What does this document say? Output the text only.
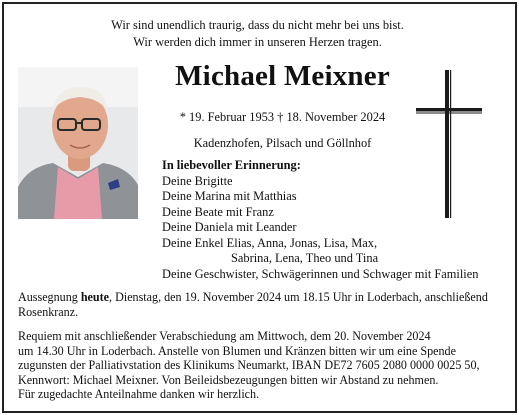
Wir sind unendlich traurig, dass du nicht mehr bei uns bist.
Wir werden dich immer in unseren Herzen tragen.
Michael Meixner
* 19. Februar 1953 † 18. November 2024
Kadenzhofen, Pilsach und Göllnhof
In liebevoller Erinnerung:
Deine Brigitte
Deine Marina mit Matthias
Deine Beate mit Franz
Deine Daniela mit Leander
Deine Enkel Elias, Anna, Jonas, Lisa, Max,
Sabrina, Lena, Theo und Tina
Deine Geschwister, Schwägerinnen und Schwager mit Familien
Aussegnung heute, Dienstag, den 19. November 2024 um 18.15 Uhr in Loderbach, anschließend
Rosenkranz.
Requiem mit anschließender Verabschiedung am Mittwoch, dem 20. November 2024
um 14.30 Uhr in Loderbach. Anstelle von Blumen und Kränzen bitten wir um eine Spende
zugunsten der Palliativstation des Klinikums Neumarkt, IBAN DE72 7605 2080 0000 0025 50,
Kennwort: Michael Meixner. Von Beileidsbezeugungen bitten wir Abstand zu nehmen.
Für zugedachte Anteilnahme danken wir herzlich.
